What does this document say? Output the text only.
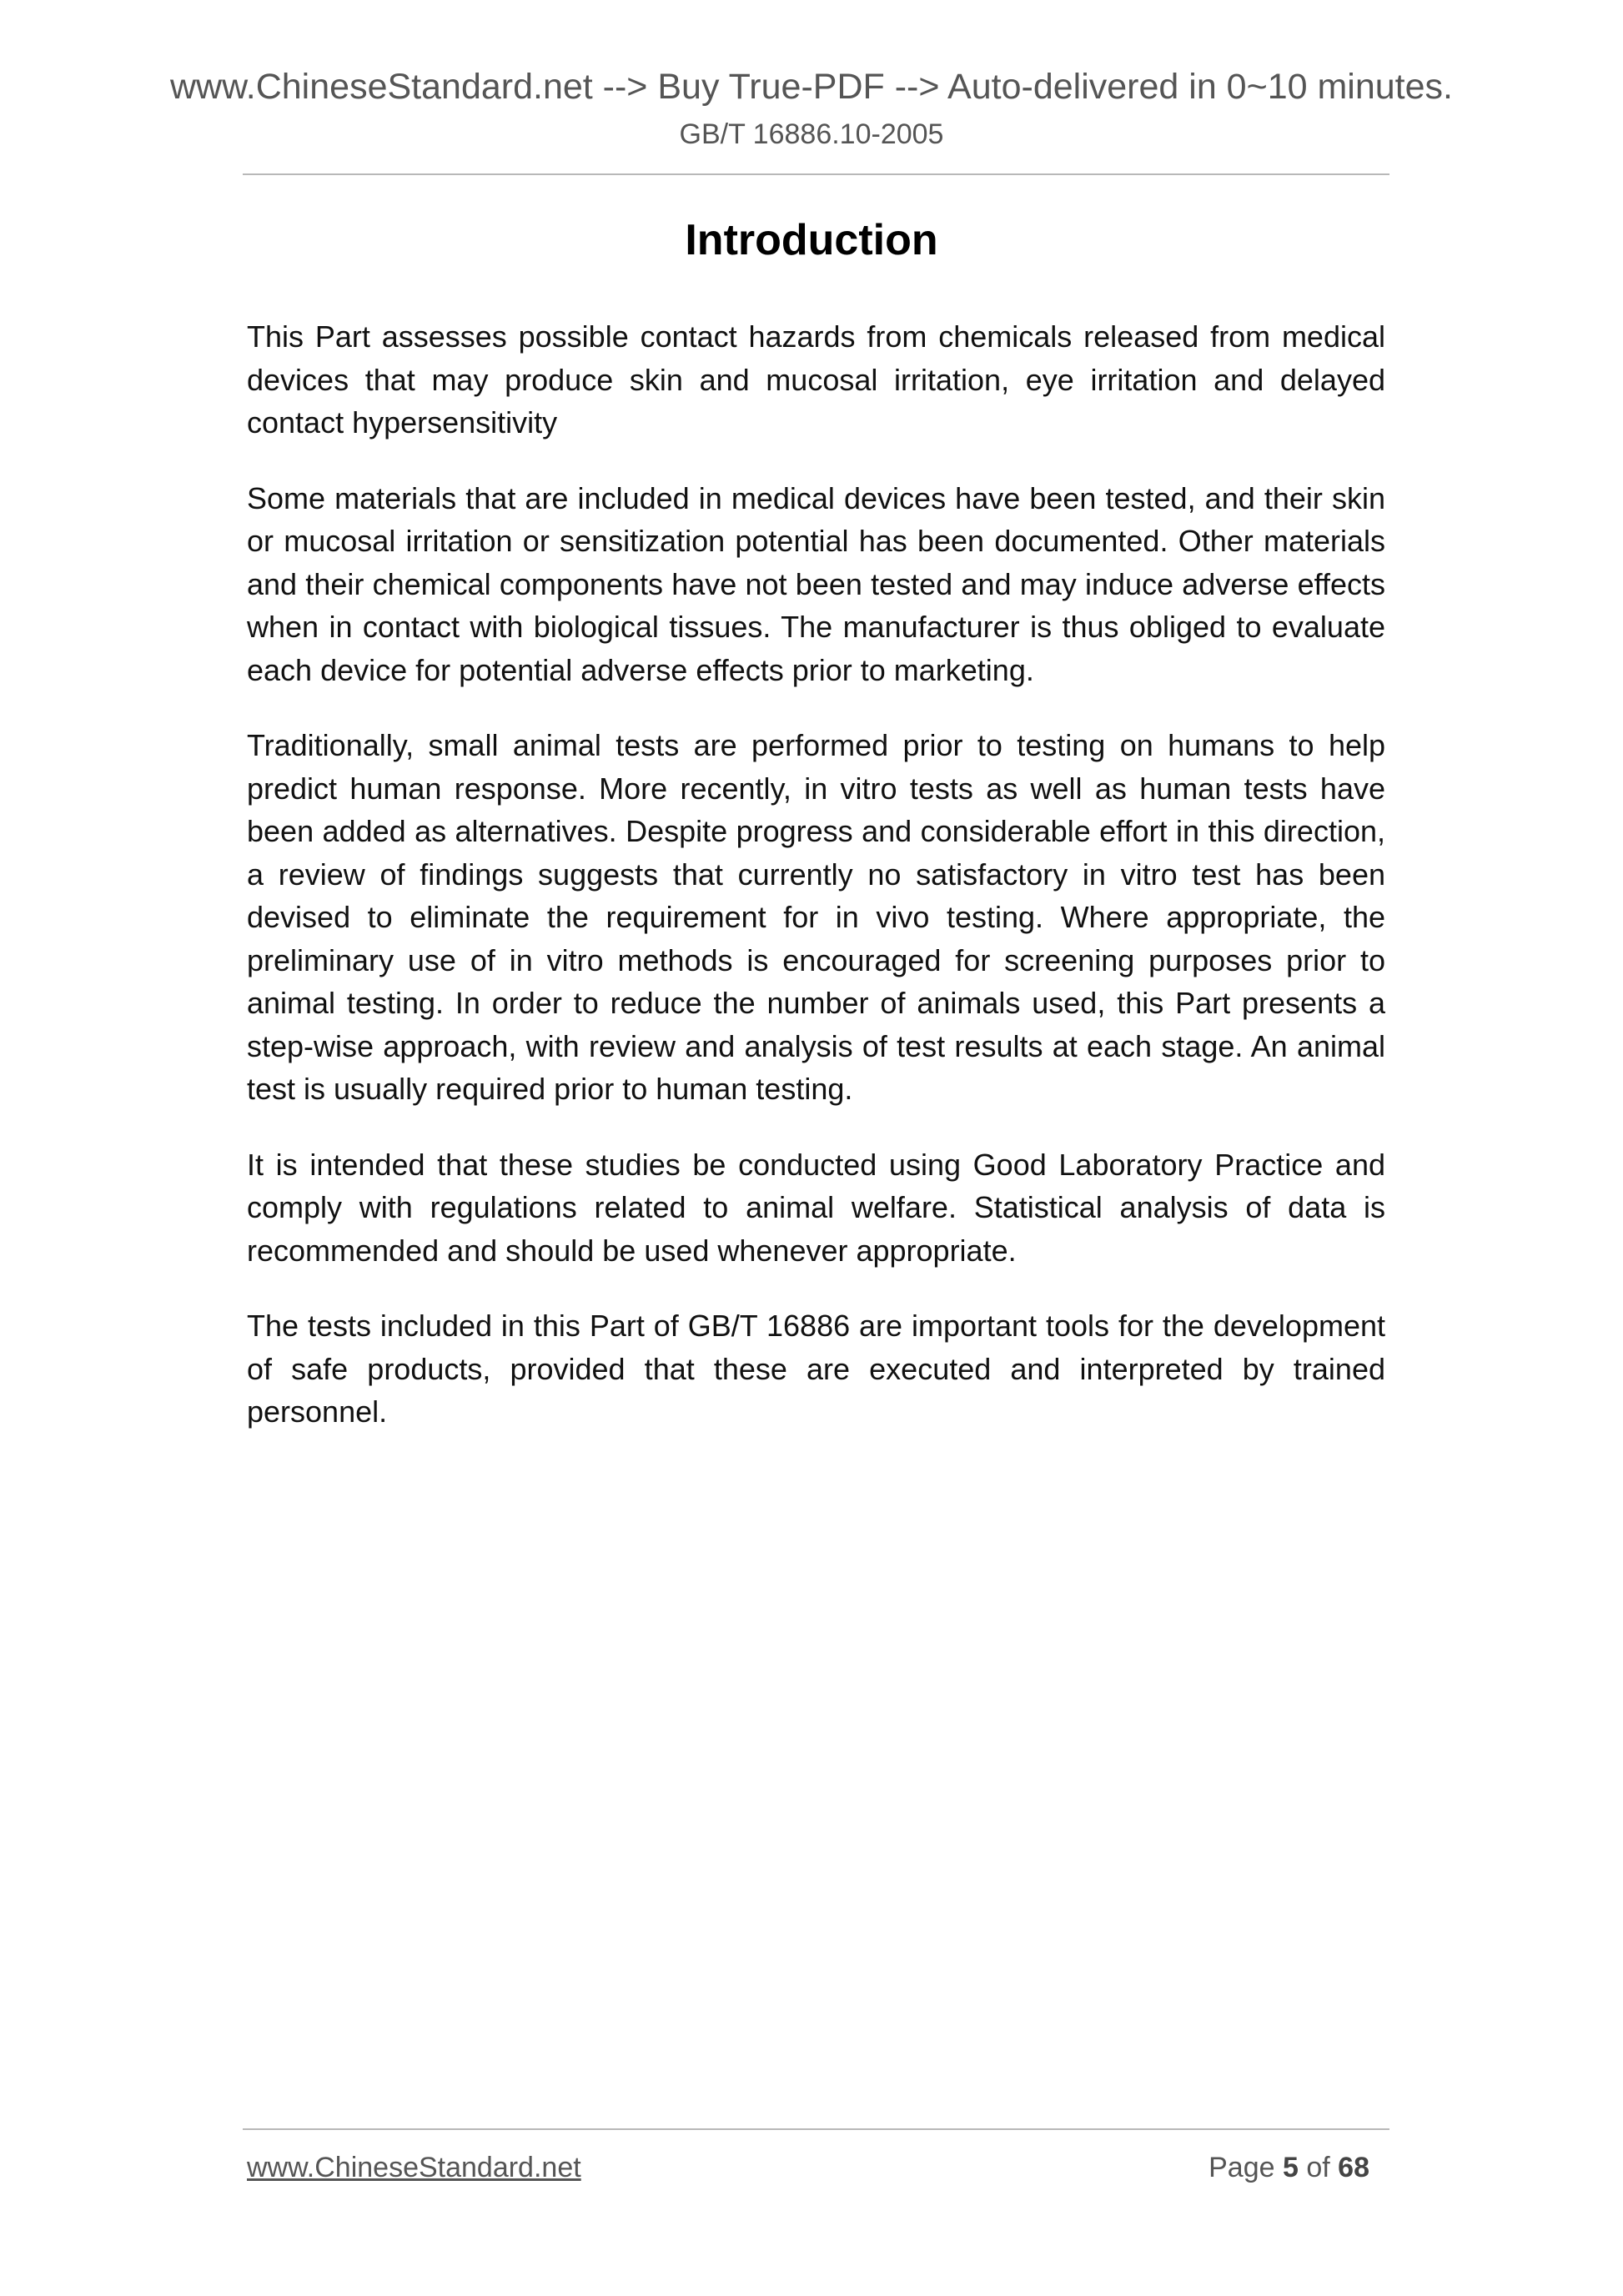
www.ChineseStandard.net --> Buy True-PDF --> Auto-delivered in 0~10 minutes.
GB/T 16886.10-2005
Introduction

This Part assesses possible contact hazards from chemicals released from medical devices that may produce skin and mucosal irritation, eye irritation and delayed contact hypersensitivity

Some materials that are included in medical devices have been tested, and their skin or mucosal irritation or sensitization potential has been documented. Other materials and their chemical components have not been tested and may induce adverse effects when in contact with biological tissues. The manufacturer is thus obliged to evaluate each device for potential adverse effects prior to marketing.

Traditionally, small animal tests are performed prior to testing on humans to help predict human response. More recently, in vitro tests as well as human tests have been added as alternatives. Despite progress and considerable effort in this direction, a review of findings suggests that currently no satisfactory in vitro test has been devised to eliminate the requirement for in vivo testing. Where appropriate, the preliminary use of in vitro methods is encouraged for screening purposes prior to animal testing. In order to reduce the number of animals used, this Part presents a step-wise approach, with review and analysis of test results at each stage. An animal test is usually required prior to human testing.

It is intended that these studies be conducted using Good Laboratory Practice and comply with regulations related to animal welfare. Statistical analysis of data is recommended and should be used whenever appropriate.

The tests included in this Part of GB/T 16886 are important tools for the development of safe products, provided that these are executed and interpreted by trained personnel.

www.ChineseStandard.net	Page 5 of 68
